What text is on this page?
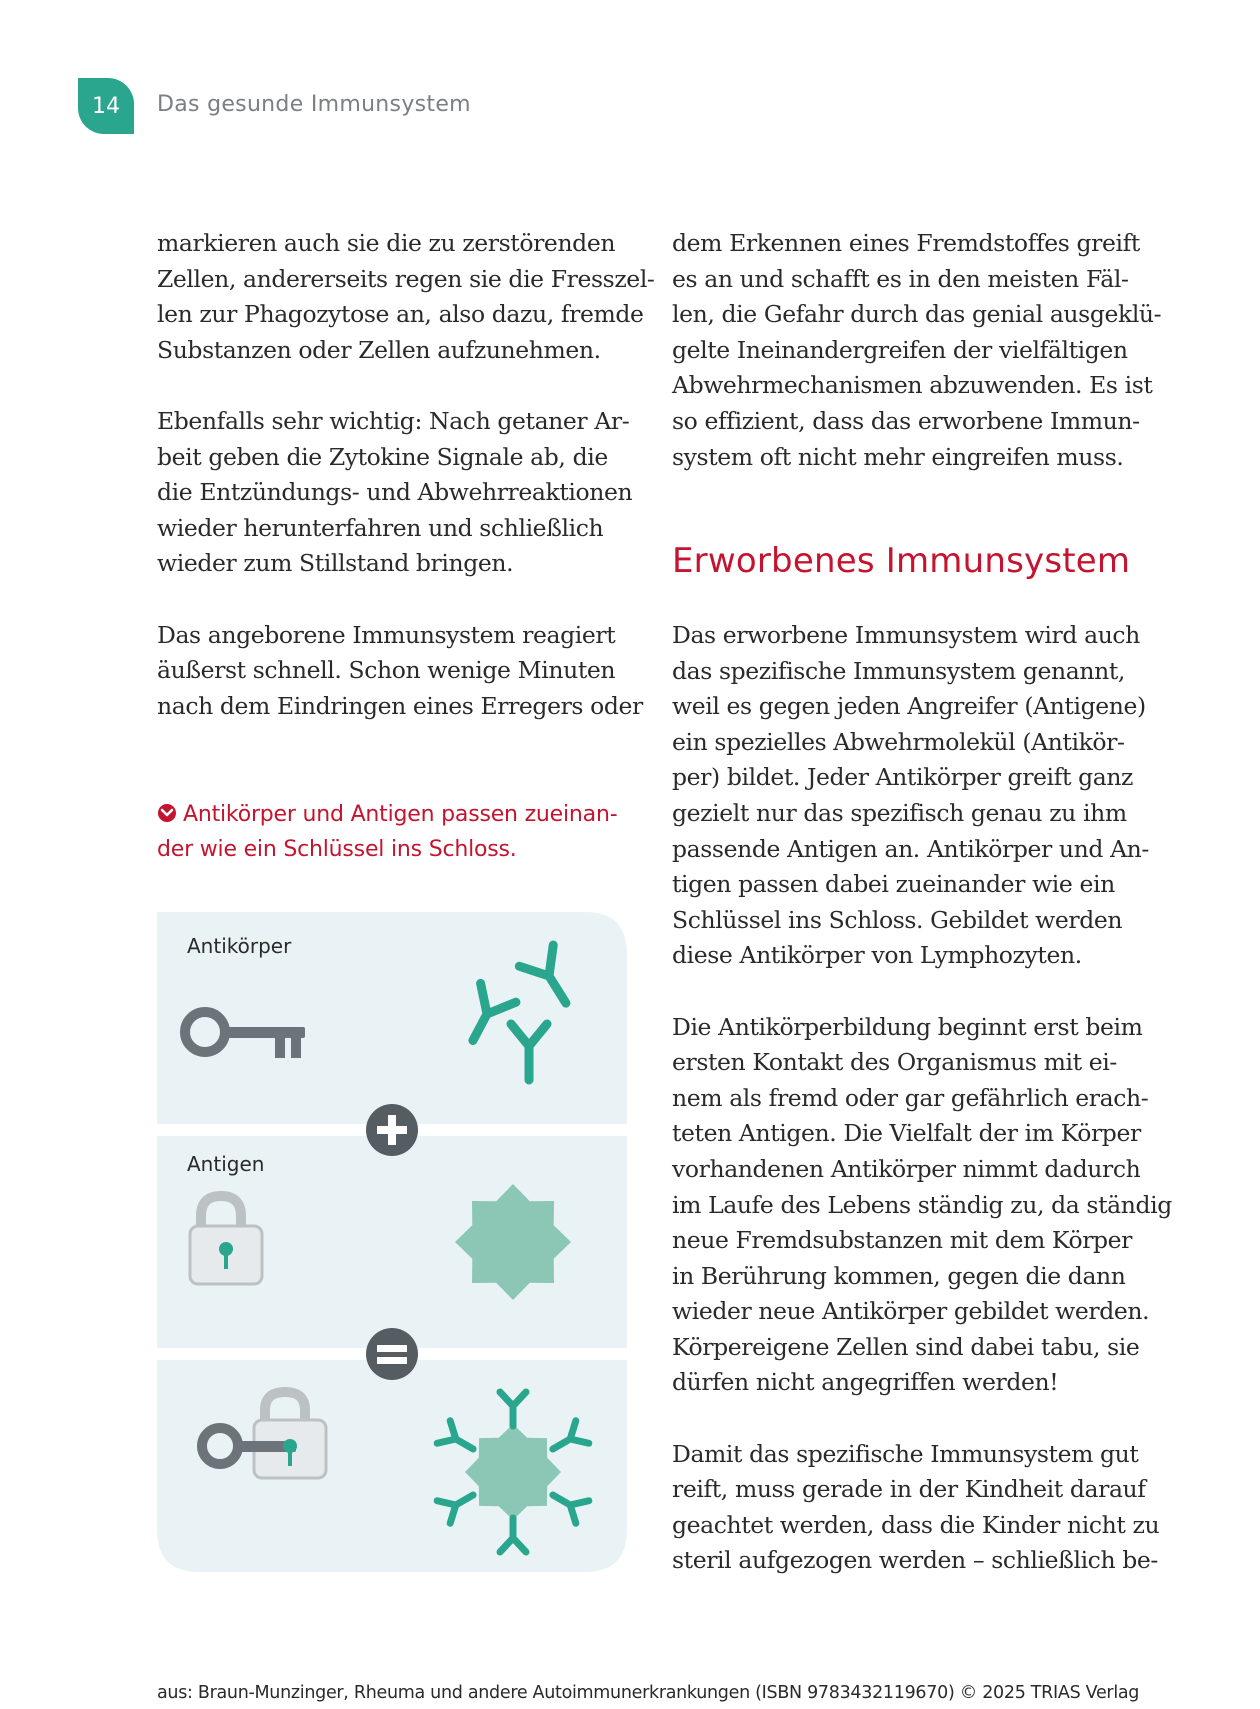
14 Das gesunde Immunsystem

markieren auch sie die zu zerstörenden
Zellen, andererseits regen sie die Fresszel-
len zur Phagozytose an, also dazu, fremde
Substanzen oder Zellen aufzunehmen.

Ebenfalls sehr wichtig: Nach getaner Ar-
beit geben die Zytokine Signale ab, die
die Entzündungs- und Abwehrreaktionen
wieder herunterfahren und schließlich
wieder zum Stillstand bringen.

Das angeborene Immunsystem reagiert
äußerst schnell. Schon wenige Minuten
nach dem Eindringen eines Erregers oder

Antikörper und Antigen passen zueinan-
der wie ein Schlüssel ins Schloss.
Antikörper
Antigen

dem Erkennen eines Fremdstoffes greift
es an und schafft es in den meisten Fäl-
len, die Gefahr durch das genial ausgeklü-
gelte Ineinandergreifen der vielfältigen
Abwehrmechanismen abzuwenden. Es ist
so effizient, dass das erworbene Immun-
system oft nicht mehr eingreifen muss.

Erworbenes Immunsystem

Das erworbene Immunsystem wird auch
das spezifische Immunsystem genannt,
weil es gegen jeden Angreifer (Antigene)
ein spezielles Abwehrmolekül (Antikör-
per) bildet. Jeder Antikörper greift ganz
gezielt nur das spezifisch genau zu ihm
passende Antigen an. Antikörper und An-
tigen passen dabei zueinander wie ein
Schlüssel ins Schloss. Gebildet werden
diese Antikörper von Lymphozyten.

Die Antikörperbildung beginnt erst beim
ersten Kontakt des Organismus mit ei-
nem als fremd oder gar gefährlich erach-
teten Antigen. Die Vielfalt der im Körper
vorhandenen Antikörper nimmt dadurch
im Laufe des Lebens ständig zu, da ständig
neue Fremdsubstanzen mit dem Körper
in Berührung kommen, gegen die dann
wieder neue Antikörper gebildet werden.
Körpereigene Zellen sind dabei tabu, sie
dürfen nicht angegriffen werden!

Damit das spezifische Immunsystem gut
reift, muss gerade in der Kindheit darauf
geachtet werden, dass die Kinder nicht zu
steril aufgezogen werden – schließlich be-

aus: Braun-Munzinger, Rheuma und andere Autoimmunerkrankungen (ISBN 9783432119670) © 2025 TRIAS Verlag
